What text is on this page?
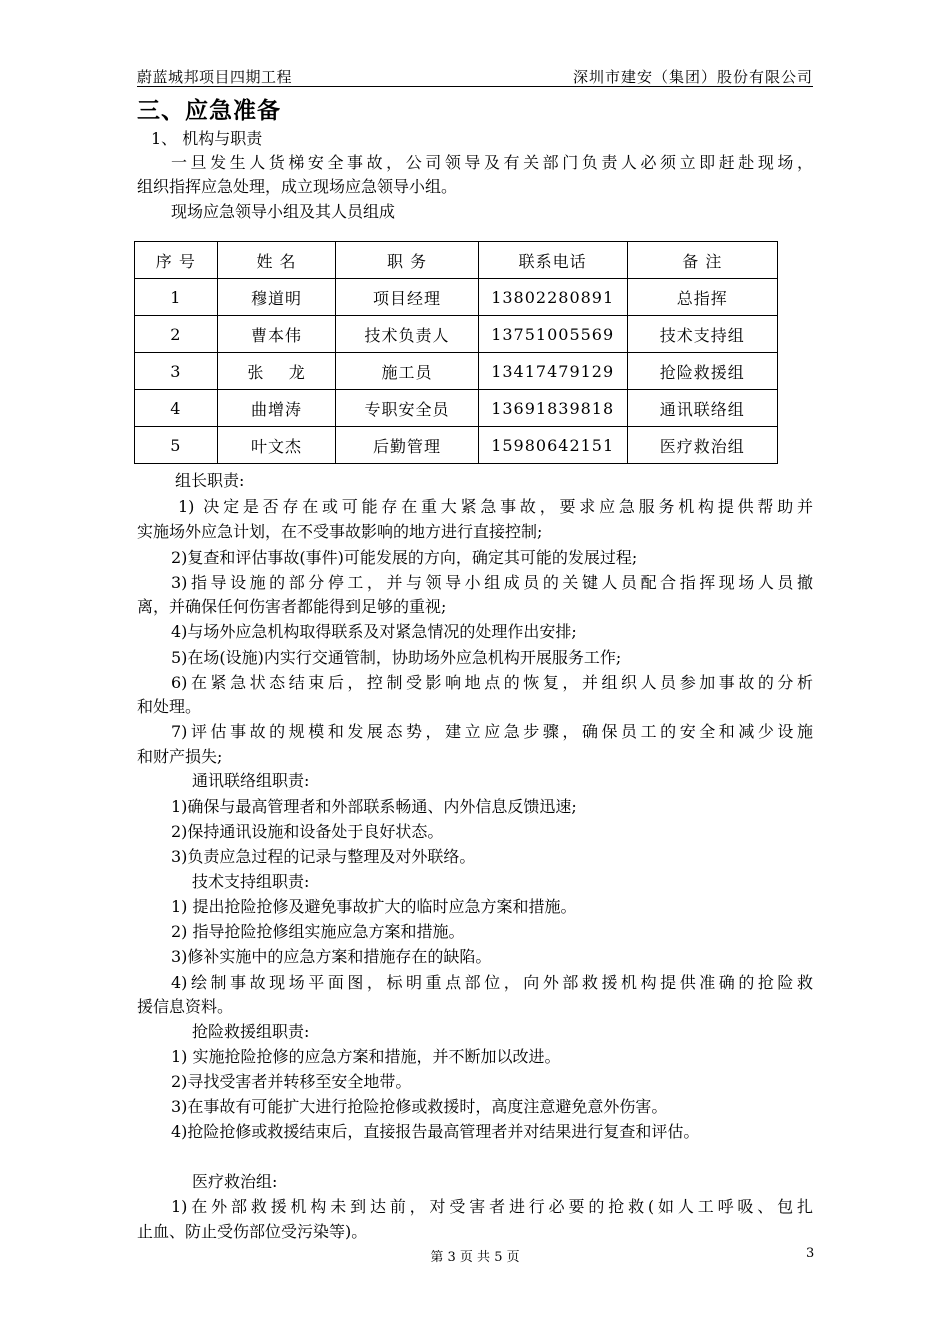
蔚蓝城邦项目四期工程	深圳市建安（集团）股份有限公司
三、应急准备
1、 机构与职责
一旦发生人货梯安全事故，公司领导及有关部门负责人必须立即赶赴现场，
组织指挥应急处理，成立现场应急领导小组。
现场应急领导小组及其人员组成
序 号	姓 名	职 务	联系电话	备 注
1	穆道明	项目经理	13802280891	总指挥
2	曹本伟	技术负责人	13751005569	技术支持组
3	张    龙	施工员	13417479129	抢险救援组
4	曲增涛	专职安全员	13691839818	通讯联络组
5	叶文杰	后勤管理	15980642151	医疗救治组
组长职责:
1) 决定是否存在或可能存在重大紧急事故，要求应急服务机构提供帮助并
实施场外应急计划，在不受事故影响的地方进行直接控制;
2)复查和评估事故(事件)可能发展的方向，确定其可能的发展过程;
3)指导设施的部分停工，并与领导小组成员的关键人员配合指挥现场人员撤
离，并确保任何伤害者都能得到足够的重视;
4)与场外应急机构取得联系及对紧急情况的处理作出安排;
5)在场(设施)内实行交通管制，协助场外应急机构开展服务工作;
6)在紧急状态结束后，控制受影响地点的恢复，并组织人员参加事故的分析
和处理。
7)评估事故的规模和发展态势，建立应急步骤，确保员工的安全和减少设施
和财产损失;
通讯联络组职责:
1)确保与最高管理者和外部联系畅通、内外信息反馈迅速;
2)保持通讯设施和设备处于良好状态。
3)负责应急过程的记录与整理及对外联络。
技术支持组职责:
1) 提出抢险抢修及避免事故扩大的临时应急方案和措施。
2) 指导抢险抢修组实施应急方案和措施。
3)修补实施中的应急方案和措施存在的缺陷。
4)绘制事故现场平面图，标明重点部位，向外部救援机构提供准确的抢险救
援信息资料。
抢险救援组职责:
1) 实施抢险抢修的应急方案和措施，并不断加以改进。
2)寻找受害者并转移至安全地带。
3)在事故有可能扩大进行抢险抢修或救援时，高度注意避免意外伤害。
4)抢险抢修或救援结束后，直接报告最高管理者并对结果进行复查和评估。
医疗救治组:
1)在外部救援机构未到达前，对受害者进行必要的抢救(如人工呼吸、包扎
止血、防止受伤部位受污染等)。
第 3 页 共 5 页	3
